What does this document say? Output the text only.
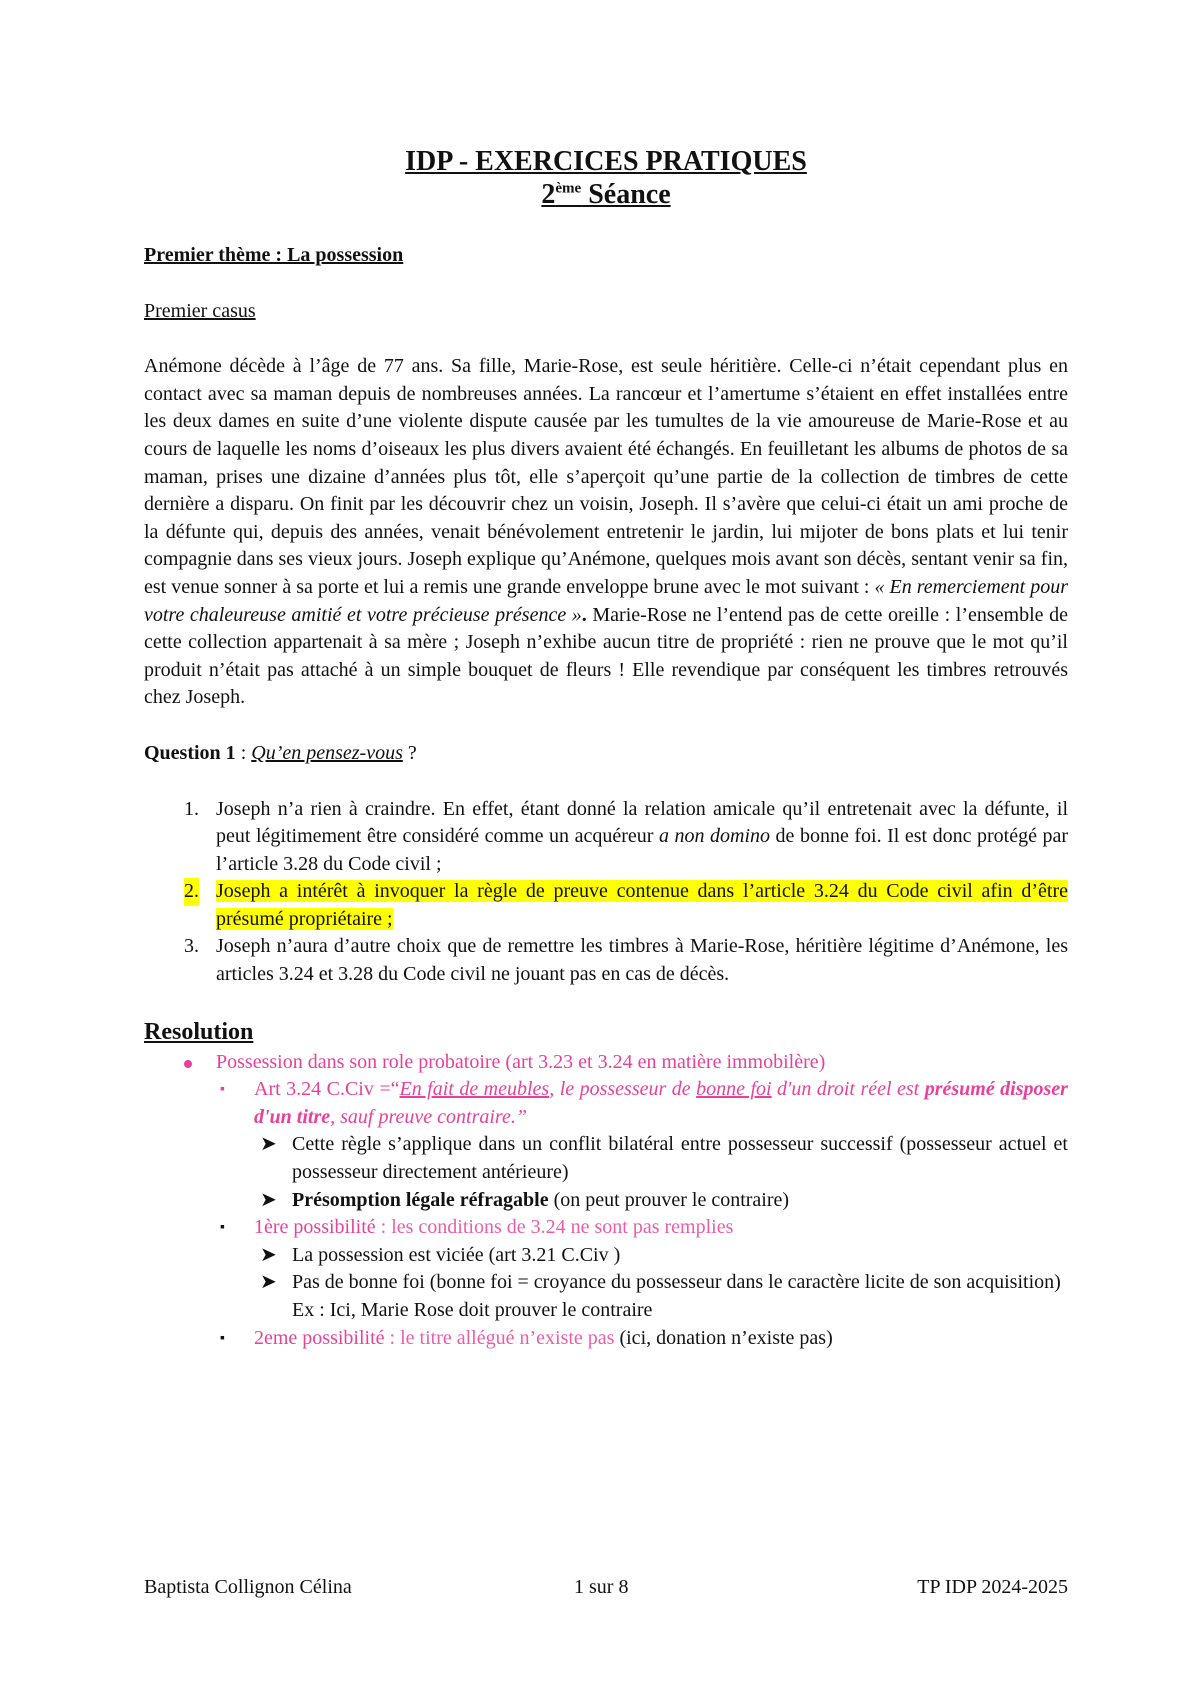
IDP - EXERCICES PRATIQUES

2ème Séance

Premier thème : La possession

Premier casus

Anémone décède à l’âge de 77 ans. Sa fille, Marie-Rose, est seule héritière. Celle-ci n’était cependant plus en contact avec sa maman depuis de nombreuses années. La rancœur et l’amertume s’étaient en effet installées entre les deux dames en suite d’une violente dispute causée par les tumultes de la vie amoureuse de Marie-Rose et au cours de laquelle les noms d’oiseaux les plus divers avaient été échangés. En feuilletant les albums de photos de sa maman, prises une dizaine d’années plus tôt, elle s’aperçoit qu’une partie de la collection de timbres de cette dernière a disparu. On finit par les découvrir chez un voisin, Joseph. Il s’avère que celui-ci était un ami proche de la défunte qui, depuis des années, venait bénévolement entretenir le jardin, lui mijoter de bons plats et lui tenir compagnie dans ses vieux jours. Joseph explique qu’Anémone, quelques mois avant son décès, sentant venir sa fin, est venue sonner à sa porte et lui a remis une grande enveloppe brune avec le mot suivant : « En remerciement pour votre chaleureuse amitié et votre précieuse présence ». Marie-Rose ne l’entend pas de cette oreille : l’ensemble de cette collection appartenait à sa mère ; Joseph n’exhibe aucun titre de propriété : rien ne prouve que le mot qu’il produit n’était pas attaché à un simple bouquet de fleurs ! Elle revendique par conséquent les timbres retrouvés chez Joseph.

Question 1 : Qu’en pensez-vous ?

1. Joseph n’a rien à craindre. En effet, étant donné la relation amicale qu’il entretenait avec la défunte, il peut légitimement être considéré comme un acquéreur a non domino de bonne foi. Il est donc protégé par l’article 3.28 du Code civil ;
2. Joseph a intérêt à invoquer la règle de preuve contenue dans l’article 3.24 du Code civil afin d’être présumé propriétaire ;
3. Joseph n’aura d’autre choix que de remettre les timbres à Marie-Rose, héritière légitime d’Anémone, les articles 3.24 et 3.28 du Code civil ne jouant pas en cas de décès.

Resolution

Possession dans son role probatoire (art 3.23 et 3.24 en matière immobilère)
▪ Art 3.24 C.Civ =“En fait de meubles, le possesseur de bonne foi d'un droit réel est présumé disposer d'un titre, sauf preuve contraire.”
➤ Cette règle s’applique dans un conflit bilatéral entre possesseur successif (possesseur actuel et possesseur directement antérieure)
➤ Présomption légale réfragable (on peut prouver le contraire)
▪ 1ère possibilité : les conditions de 3.24 ne sont pas remplies
➤ La possession est viciée (art 3.21 C.Civ )
➤ Pas de bonne foi (bonne foi = croyance du possesseur dans le caractère licite de son acquisition)
Ex : Ici, Marie Rose doit prouver le contraire
▪ 2eme possibilité : le titre allégué n’existe pas (ici, donation n’existe pas)
Baptista Collignon Célina	1 sur 8	TP IDP 2024-2025
